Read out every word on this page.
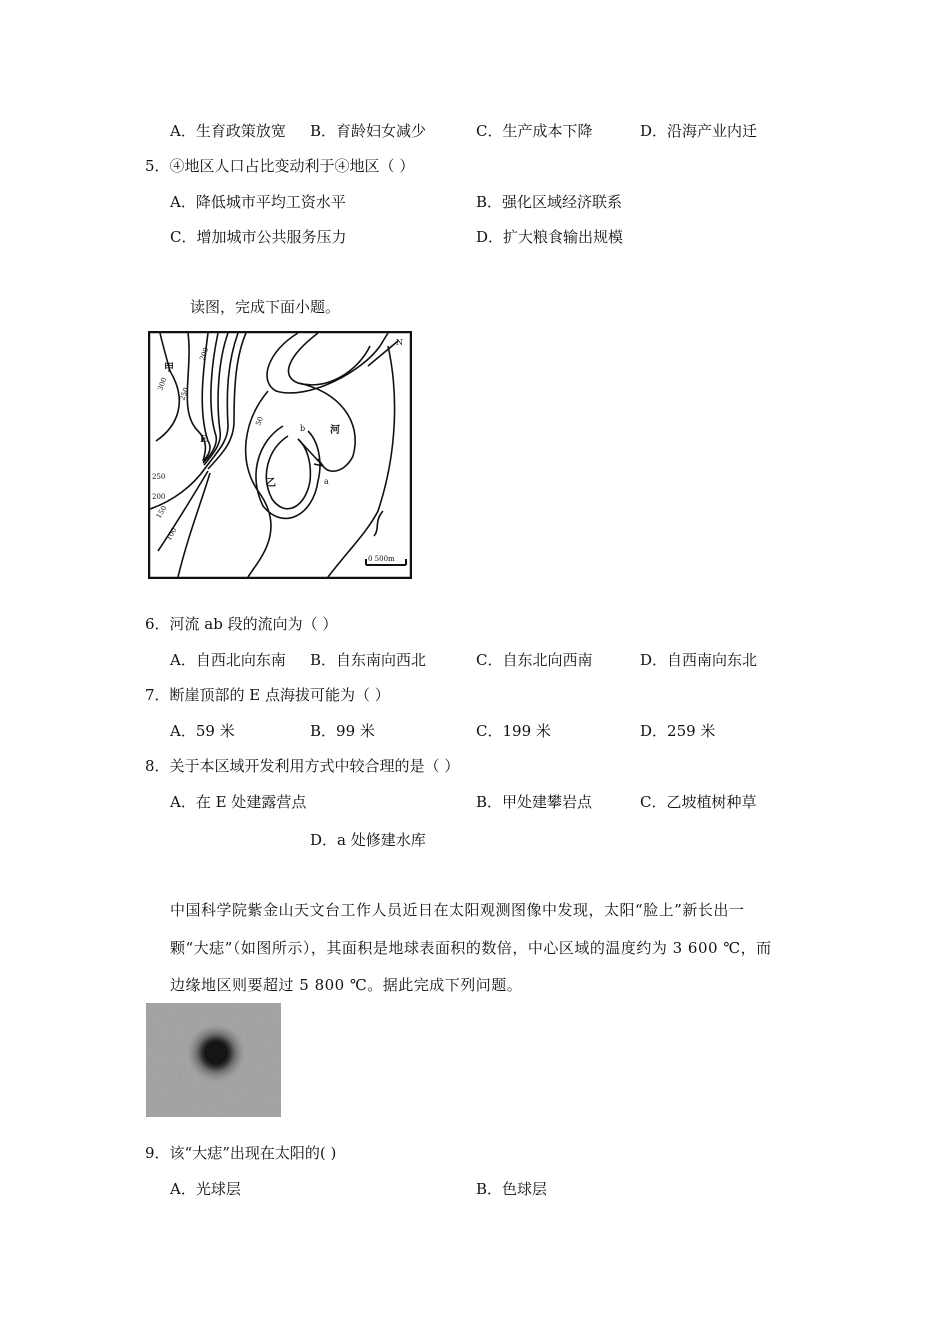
A．生育政策放宽 B．育龄妇女减少	C．生产成本下降	D．沿海产业内迁
5．④地区人口占比变动利于④地区（ ）
A．降低城市平均工资水平	B．强化区域经济联系
C．增加城市公共服务压力	D．扩大粮食输出规模
读图，完成下面小题。
甲
乙
河
E
a
b
N
0 500m
300
250
200
50
250
200
150
100
6．河流 ab 段的流向为（ ）
A．自西北向东南 B．自东南向西北	C．自东北向西南	D．自西南向东北
7．断崖顶部的 E 点海拔可能为（ ）
A．59 米	B．99 米	C．199 米	D．259 米
8．关于本区域开发利用方式中较合理的是（ ）
A．在 E 处建露营点	B．甲处建攀岩点	C．乙坡植树种草
D．a 处修建水库
中国科学院紫金山天文台工作人员近日在太阳观测图像中发现，太阳“脸上”新长出一
颗“大痣”（如图所示），其面积是地球表面积的数倍，中心区域的温度约为 3 600 ℃，而
边缘地区则要超过 5 800 ℃。据此完成下列问题。
9．该“大痣”出现在太阳的( )
A．光球层	B．色球层
